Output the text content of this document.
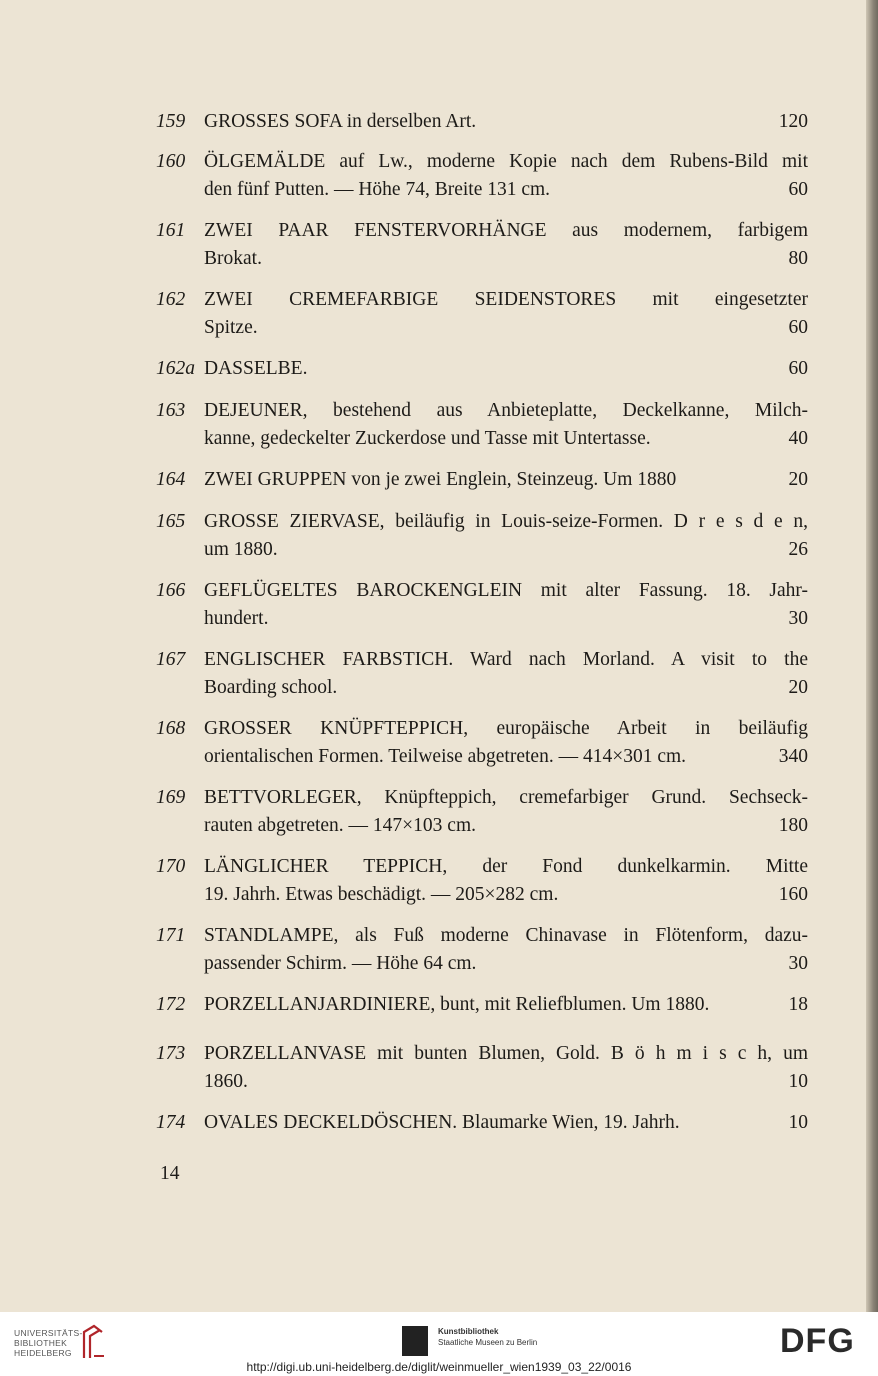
159 GROSSES SOFA in derselben Art.	120
160 ÖLGEMÄLDE auf Lw., moderne Kopie nach dem Rubens-Bild mit
den fünf Putten. — Höhe 74, Breite 131 cm.	60
161 ZWEI PAAR FENSTERVORHÄNGE aus modernem, farbigem
Brokat.	80
162 ZWEI CREMEFARBIGE SEIDENSTORES mit eingesetzter
Spitze.	60
162a DASSELBE.	60
163 DEJEUNER, bestehend aus Anbieteplatte, Deckelkanne, Milch-
kanne, gedeckelter Zuckerdose und Tasse mit Untertasse.	40
164 ZWEI GRUPPEN von je zwei Englein, Steinzeug. Um 1880	20
165 GROSSE ZIERVASE, beiläufig in Louis-seize-Formen. D r e s d e n,
um 1880.	26
166 GEFLÜGELTES BAROCKENGLEIN mit alter Fassung. 18. Jahr-
hundert.	30
167 ENGLISCHER FARBSTICH. Ward nach Morland. A visit to the
Boarding school.	20
168 GROSSER KNÜPFTEPPICH, europäische Arbeit in beiläufig
orientalischen Formen. Teilweise abgetreten. — 414×301 cm.	340
169 BETTVORLEGER, Knüpfteppich, cremefarbiger Grund. Sechseck-
rauten abgetreten. — 147×103 cm.	180
170 LÄNGLICHER TEPPICH, der Fond dunkelkarmin. Mitte
19. Jahrh. Etwas beschädigt. — 205×282 cm.	160
171 STANDLAMPE, als Fuß moderne Chinavase in Flötenform, dazu-
passender Schirm. — Höhe 64 cm.	30
172 PORZELLANJARDINIERE, bunt, mit Reliefblumen. Um 1880.	18
173 PORZELLANVASE mit bunten Blumen, Gold. B ö h m i s c h, um
1860.	10
174 OVALES DECKELDÖSCHEN. Blaumarke Wien, 19. Jahrh.	10
14
UNIVERSITÄTS-
BIBLIOTHEK
HEIDELBERG
Kunstbibliothek
Staatliche Museen zu Berlin	DFG
http://digi.ub.uni-heidelberg.de/diglit/weinmueller_wien1939_03_22/0016
